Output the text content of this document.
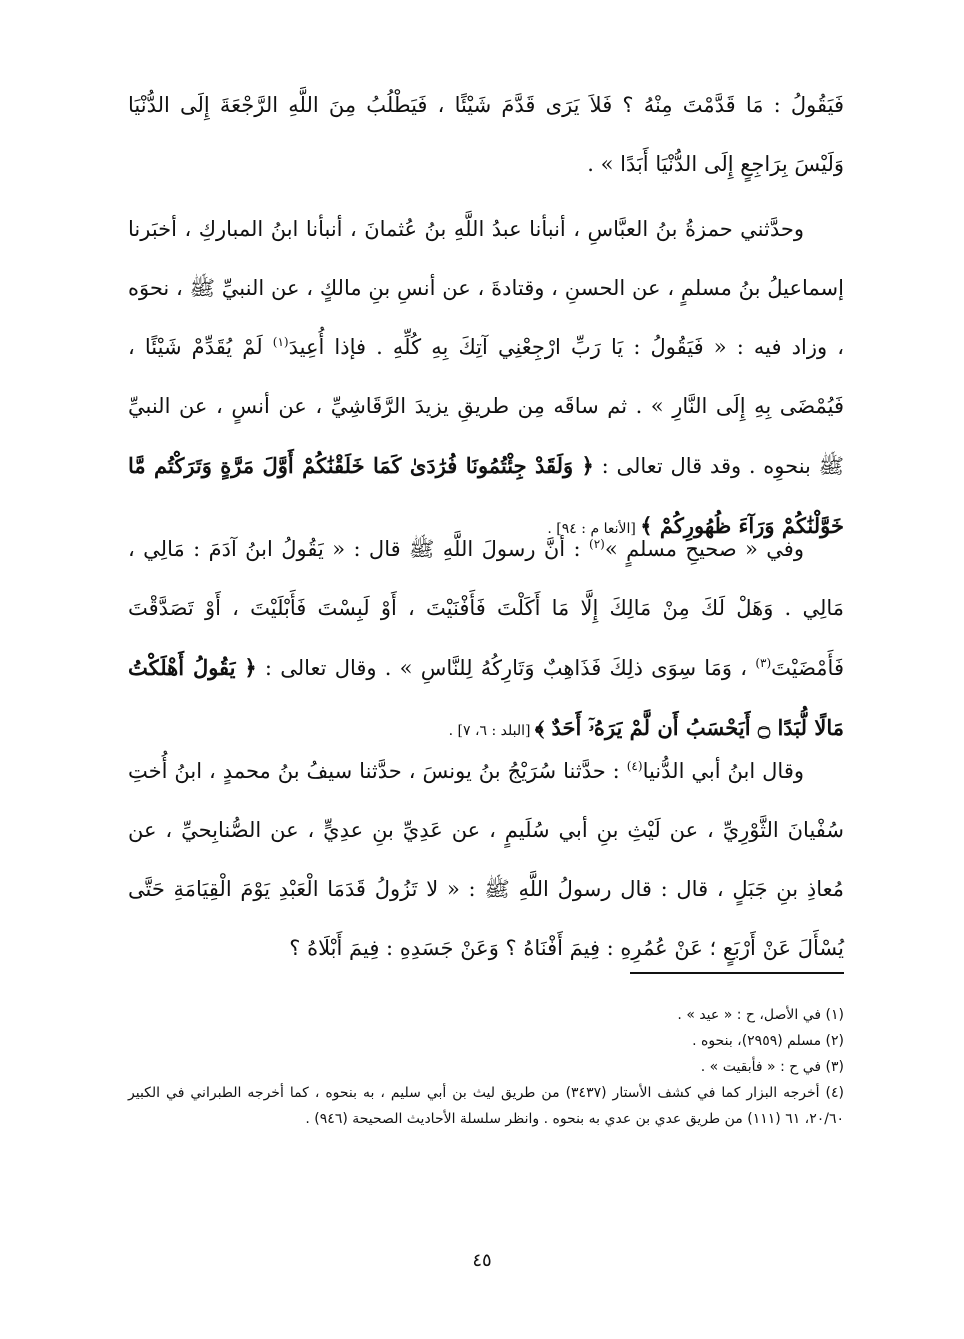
فَيَقُولُ : مَا قَدَّمْتَ مِنْهُ ؟ فَلاَ يَرَى قَدَّمَ شَيْئًا ، فَيَطْلُبُ مِنَ اللَّهِ الرَّجْعَةَ إِلَى الدُّنْيَا وَلَيْسَ بِرَاجِعٍ إِلَى الدُّنْيَا أَبَدًا » .

وحدَّثني حمزةُ بنُ العبَّاسِ ، أنبأنا عبدُ اللَّهِ بنُ عُثمانَ ، أنبأنا ابنُ المباركِ ، أخبَرنا إسماعيلُ بنُ مسلمٍ ، عن الحسنِ ، وقتادةَ ، عن أنسِ بنِ مالكٍ ، عن النبيِّ ﷺ ، نحوَه ، وزاد فيه : « فَيَقُولُ : يَا رَبِّ ارْجِعْنِي آتِكَ بِهِ كُلِّهِ . فإذا أُعِيدَ$^{(١)}$ لَمْ يُقَدِّمْ شَيْئًا ، فَيُمْضَى بِهِ إِلَى النَّارِ » . ثم ساقَه مِن طريقِ يزيدَ الرَّقَاشِيِّ ، عن أنسٍ ، عن النبيِّ ﷺ بنحوِه . وقد قال تعالى : ﴿ وَلَقَدْ جِئْتُمُونَا فُرَٰدَىٰ كَمَا خَلَقْنَٰكُمْ أَوَّلَ مَرَّةٍ وَتَرَكْتُم مَّا خَوَّلْنَٰكُمْ وَرَآءَ ظُهُورِكُمْ ﴾ [الأنعا م : ٩٤] .

وفي « صحيحِ مسلمٍ »$^{(٢)}$ : أنَّ رسولَ اللَّهِ ﷺ قال : « يَقُولُ ابنُ آدَمَ : مَالِي ، مَالِي . وَهَلْ لَكَ مِنْ مَالِكَ إِلَّا مَا أَكَلْتَ فَأَفْنَيْتَ ، أَوْ لَبِسْتَ فَأَبْلَيْتَ ، أَوْ تَصَدَّقْتَ فَأَمْضَيْتَ$^{(٣)}$ ، وَمَا سِوَى ذلِكَ فَذَاهِبٌ وَتَارِكُهُ لِلنَّاسِ » . وقال تعالى : ﴿ يَقُولُ أَهْلَكْتُ مَالًا لُّبَدًا ۝ أَيَحْسَبُ أَن لَّمْ يَرَهُۥٓ أَحَدٌ ﴾ [البلد : ٦، ٧] .

وقال ابنُ أبي الدُّنيا$^{(٤)}$ : حدَّثنا سُرَيْجُ بنُ يونسَ ، حدَّثنا سيفُ بنُ محمدٍ ، ابنُ أُختِ سُفْيانَ الثَّوْرِيِّ ، عن لَيْثِ بنِ أبي سُلَيمٍ ، عن عَدِيِّ بنِ عدِيٍّ ، عن الصُّنابِحيِّ ، عن مُعاذِ بنِ جَبَلٍ ، قال : قال رسولُ اللَّهِ ﷺ : « لا تَزُولُ قَدَمَا الْعَبْدِ يَوْمَ الْقِيَامَةِ حَتَّى يُسْأَلَ عَنْ أَرْبَعٍ ؛ عَنْ عُمُرِهِ : فِيمَ أَفْنَاهُ ؟ وَعَنْ جَسَدِهِ : فِيمَ أَبْلَاهُ ؟

(١) في الأصل، ح : « عيد » .

(٢) مسلم (٢٩٥٩)، بنحوه .

(٣) في ح : « فأبقيت » .

(٤) أخرجه البزار كما في كشف الأستار (٣٤٣٧) من طريق ليث بن أبي سليم ، به بنحوه ، كما أخرجه الطبراني في الكبير ٢٠/٦٠، ٦١ (١١١) من طريق عدي بن عدي به بنحوه . وانظر سلسلة الأحاديث الصحيحة (٩٤٦) .

٤٥
